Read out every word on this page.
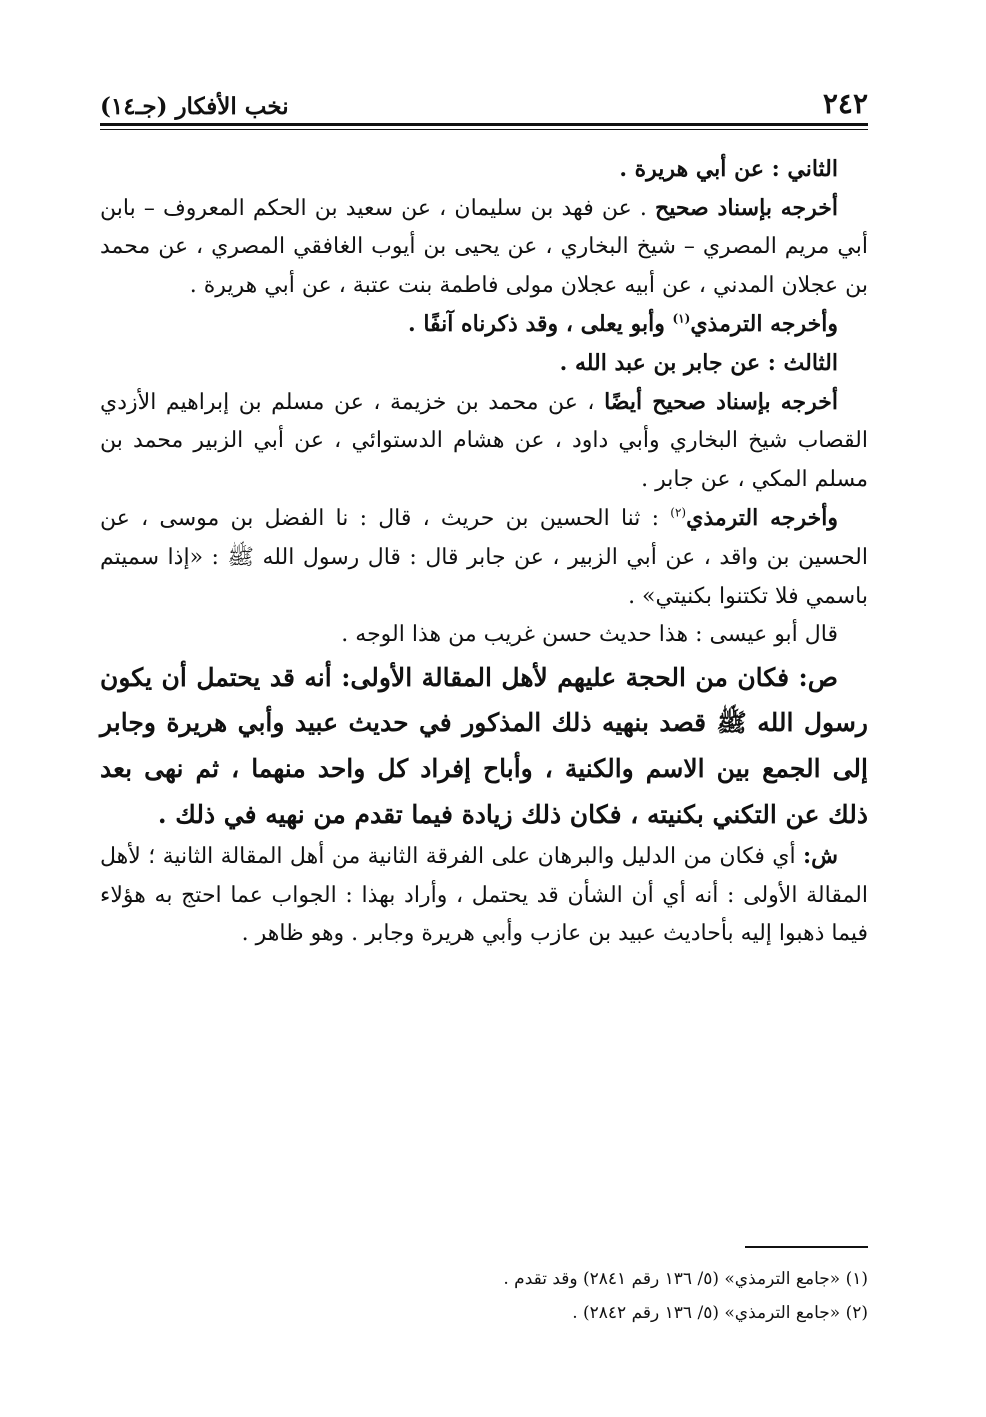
٢٤٢
نخب الأفكار (جـ١٤)

الثاني : عن أبي هريرة .

أخرجه بإسناد صحيح . عن فهد بن سليمان ، عن سعيد بن الحكم المعروف – بابن أبي مريم المصري – شيخ البخاري ، عن يحيى بن أيوب الغافقي المصري ، عن محمد بن عجلان المدني ، عن أبيه عجلان مولى فاطمة بنت عتبة ، عن أبي هريرة .

وأخرجه الترمذي$^{(١)}$ وأبو يعلى ، وقد ذكرناه آنفًا .

الثالث : عن جابر بن عبد الله .

أخرجه بإسناد صحيح أيضًا ، عن محمد بن خزيمة ، عن مسلم بن إبراهيم الأزدي القصاب شيخ البخاري وأبي داود ، عن هشام الدستوائي ، عن أبي الزبير محمد بن مسلم المكي ، عن جابر .

وأخرجه الترمذي$^{(٢)}$ : ثنا الحسين بن حريث ، قال : نا الفضل بن موسى ، عن الحسين بن واقد ، عن أبي الزبير ، عن جابر قال : قال رسول الله ﷺ : «إذا سميتم باسمي فلا تكتنوا بكنيتي» .

قال أبو عيسى : هذا حديث حسن غريب من هذا الوجه .

ص: فكان من الحجة عليهم لأهل المقالة الأولى: أنه قد يحتمل أن يكون رسول الله ﷺ قصد بنهيه ذلك المذكور في حديث عبيد وأبي هريرة وجابر إلى الجمع بين الاسم والكنية ، وأباح إفراد كل واحد منهما ، ثم نهى بعد ذلك عن التكني بكنيته ، فكان ذلك زيادة فيما تقدم من نهيه في ذلك .

ش: أي فكان من الدليل والبرهان على الفرقة الثانية من أهل المقالة الثانية ؛ لأهل المقالة الأولى : أنه أي أن الشأن قد يحتمل ، وأراد بهذا : الجواب عما احتج به هؤلاء فيما ذهبوا إليه بأحاديث عبيد بن عازب وأبي هريرة وجابر . وهو ظاهر .

(١) «جامع الترمذي» (٥/ ١٣٦ رقم ٢٨٤١) وقد تقدم .

(٢) «جامع الترمذي» (٥/ ١٣٦ رقم ٢٨٤٢) .
